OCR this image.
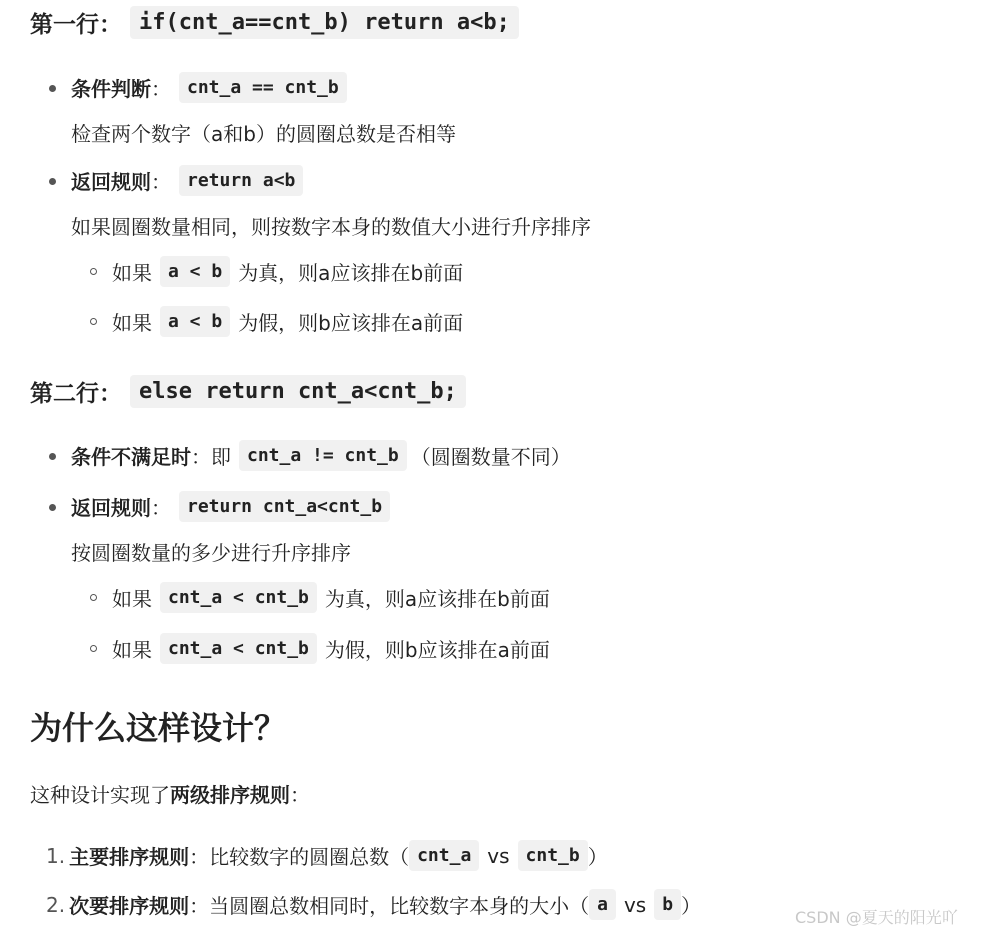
第一行： if(cnt_a==cnt_b) return a<b;
条件判断 ： cnt_a == cnt_b
检查两个数字（a和b）的圆圈总数是否相等
返回规则 ： return a<b
如果圆圈数量相同，则按数字本身的数值大小进行升序排序
如果 a < b 为真，则a应该排在b前面
如果 a < b 为假，则b应该排在a前面
第二行： else return cnt_a<cnt_b;
条件不满足时 ：即 cnt_a != cnt_b （圆圈数量不同）
返回规则 ： return cnt_a<cnt_b
按圆圈数量的多少进行升序排序
如果 cnt_a < cnt_b 为真，则a应该排在b前面
如果 cnt_a < cnt_b 为假，则b应该排在a前面
为什么这样设计？
这种设计实现了 两级排序规则 ：
1. 主要排序规则 ：比较数字的圆圈总数（ cnt_a vs cnt_b ）
2. 次要排序规则 ：当圆圈总数相同时，比较数字本身的大小（ a vs b ）	CSDN @夏天的阳光吖
